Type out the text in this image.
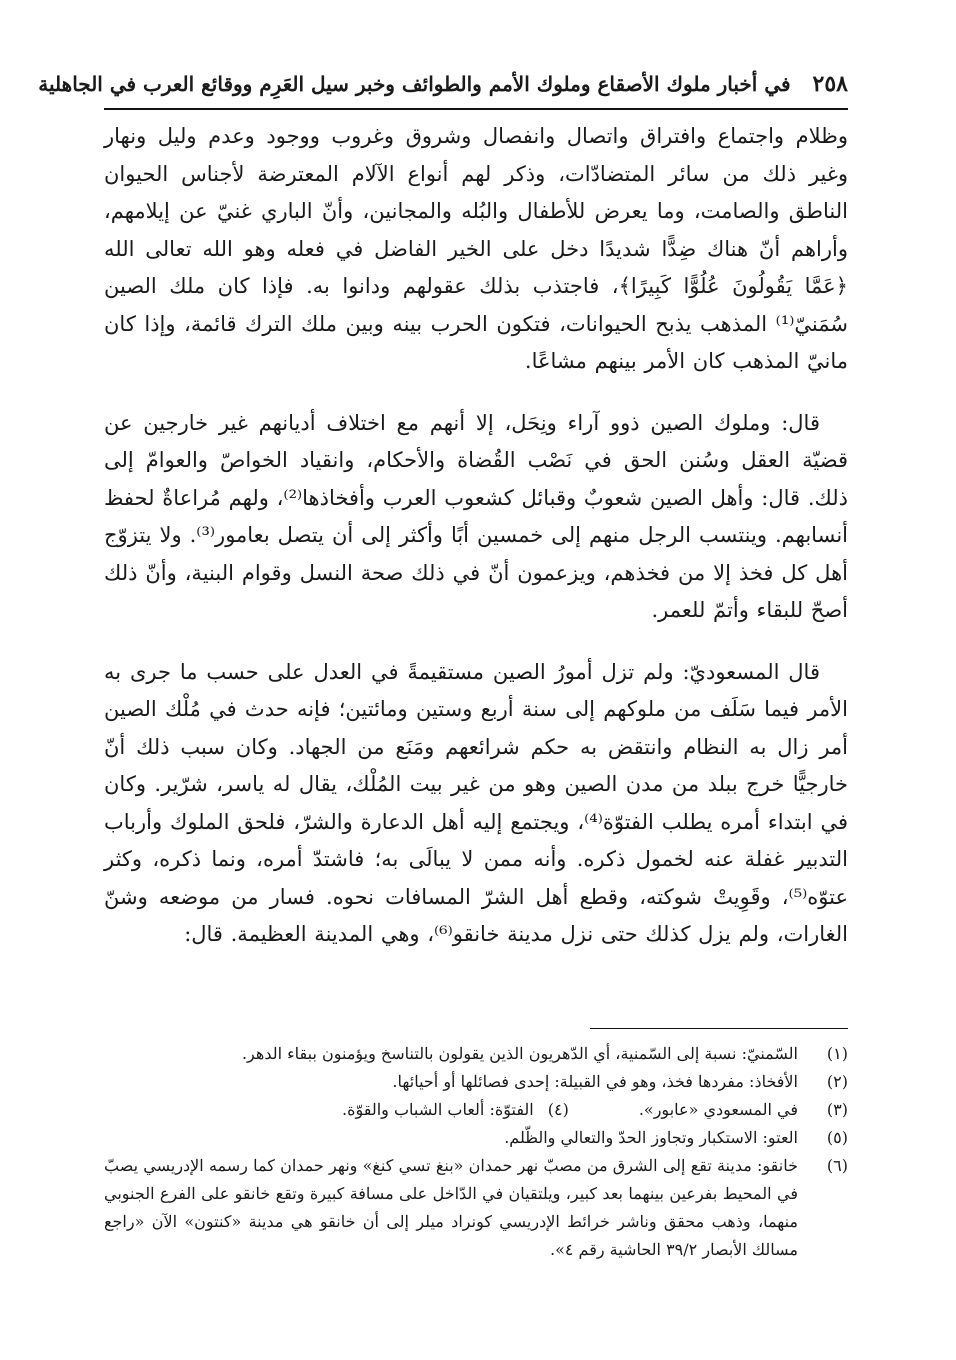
٢٥٨
في أخبار ملوك الأصقاع وملوك الأمم والطوائف وخبر سيل العَرِم ووقائع العرب في الجاهلية

وظلام واجتماع وافتراق واتصال وانفصال وشروق وغروب ووجود وعدم وليل ونهار وغير ذلك من سائر المتضادّات، وذكر لهم أنواع الآلام المعترضة لأجناس الحيوان الناطق والصامت، وما يعرض للأطفال والبُله والمجانين، وأنّ الباري غنيّ عن إيلامهم، وأراهم أنّ هناك ضِدًّا شديدًا دخل على الخير الفاضل في فعله وهو الله تعالى الله ﴿عَمَّا يَقُولُونَ عُلُوًّا كَبِيرًا﴾، فاجتذب بذلك عقولهم ودانوا به. فإذا كان ملك الصين سُمَنيّ⁽¹⁾ المذهب يذبح الحيوانات، فتكون الحرب بينه وبين ملك الترك قائمة، وإذا كان مانيّ المذهب كان الأمر بينهم مشاعًا.

قال: وملوك الصين ذوو آراء ونِحَل، إلا أنهم مع اختلاف أديانهم غير خارجين عن قضيّة العقل وسُنن الحق في نَصْب القُضاة والأحكام، وانقياد الخواصّ والعوامّ إلى ذلك. قال: وأهل الصين شعوبٌ وقبائل كشعوب العرب وأفخاذها⁽²⁾، ولهم مُراعاةٌ لحفظ أنسابهم. وينتسب الرجل منهم إلى خمسين أبًا وأكثر إلى أن يتصل بعامور⁽³⁾. ولا يتزوّج أهل كل فخذ إلا من فخذهم، ويزعمون أنّ في ذلك صحة النسل وقوام البنية، وأنّ ذلك أصحّ للبقاء وأتمّ للعمر.

قال المسعوديّ: ولم تزل أمورُ الصين مستقيمةً في العدل على حسب ما جرى به الأمر فيما سَلَف من ملوكهم إلى سنة أربع وستين ومائتين؛ فإنه حدث في مُلْك الصين أمر زال به النظام وانتقض به حكم شرائعهم ومَنَع من الجهاد. وكان سبب ذلك أنّ خارجيًّا خرج ببلد من مدن الصين وهو من غير بيت المُلْك، يقال له ياسر، شرّير. وكان في ابتداء أمره يطلب الفتوّة⁽⁴⁾، ويجتمع إليه أهل الدعارة والشرّ، فلحق الملوك وأرباب التدبير غفلة عنه لخمول ذكره. وأنه ممن لا يبالَى به؛ فاشتدّ أمره، ونما ذكره، وكثر عتوّه⁽⁵⁾، وقَوِيتْ شوكته، وقطع أهل الشرّ المسافات نحوه. فسار من موضعه وشنّ الغارات، ولم يزل كذلك حتى نزل مدينة خانقو⁽⁶⁾، وهي المدينة العظيمة. قال:

(١)
السّمنيّ: نسبة إلى السّمنية، أي الدّهريون الذين يقولون بالتناسخ ويؤمنون ببقاء الدهر.
(٢)
الأفخاذ: مفردها فخذ، وهو في القبيلة: إحدى فصائلها أو أحيائها.
(٣)
في المسعودي «عابور».
(٤)
الفتوّة: ألعاب الشباب والقوّة.
(٥)
العتو: الاستكبار وتجاوز الحدّ والتعالي والظّلم.
(٦)
خانقو: مدينة تقع إلى الشرق من مصبّ نهر حمدان «بنغ تسي كنغ» ونهر حمدان كما رسمه الإدريسي يصبّ في المحيط بفرعين بينهما بعد كبير، ويلتقيان في الدّاخل على مسافة كبيرة وتقع خانقو على الفرع الجنوبي منهما، وذهب محقق وناشر خرائط الإدريسي كونراد ميلر إلى أن خانقو هي مدينة «كنتون» الآن «راجع مسالك الأبصار ٣٩/٢ الحاشية رقم ٤».
